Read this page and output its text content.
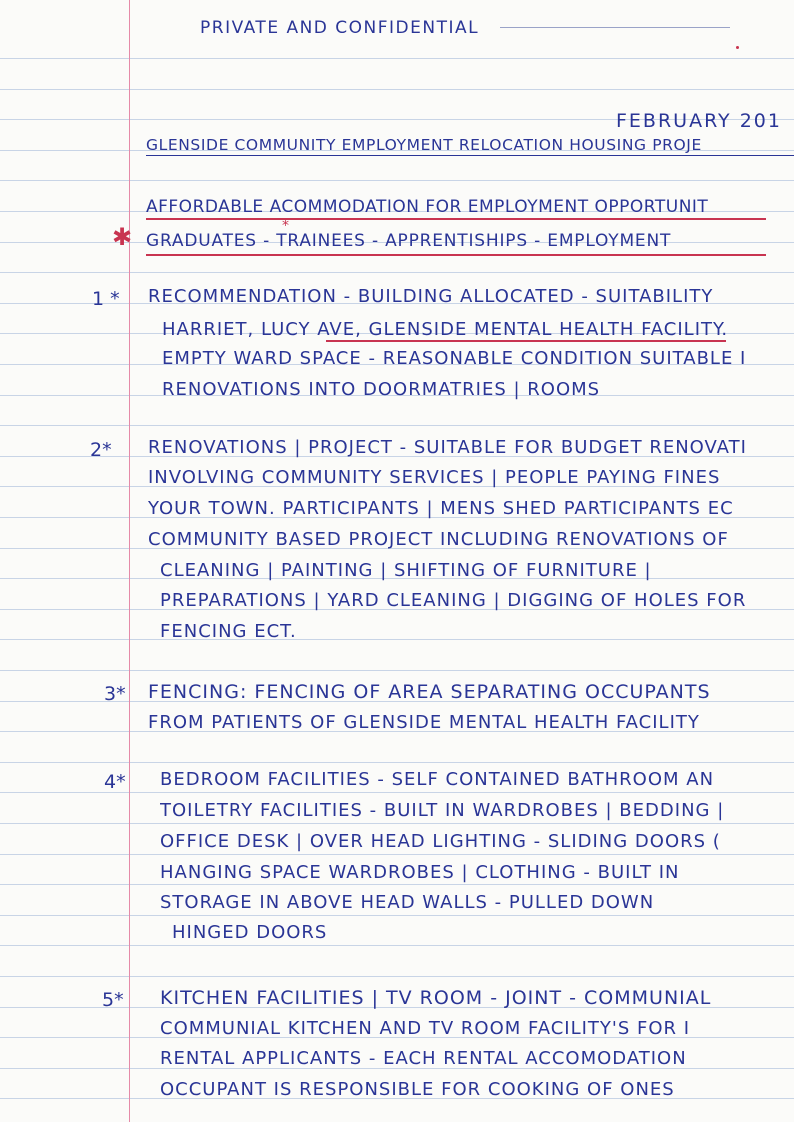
PRIVATE AND CONFIDENTIAL
FEBRUARY 201
GLENSIDE COMMUNITY EMPLOYMENT RELOCATION HOUSING PROJE
AFFORDABLE ACOMMODATION FOR EMPLOYMENT OPPORTUNIT
✱	*
GRADUATES - TRAINEES - APPRENTISHIPS - EMPLOYMENT
1 *	RECOMMENDATION - BUILDING ALLOCATED - SUITABILITY
HARRIET, LUCY AVE, GLENSIDE MENTAL HEALTH FACILITY.
EMPTY WARD SPACE - REASONABLE CONDITION SUITABLE I
RENOVATIONS INTO DOORMATRIES | ROOMS
2*	RENOVATIONS | PROJECT - SUITABLE FOR BUDGET RENOVATI
INVOLVING COMMUNITY SERVICES | PEOPLE PAYING FINES
YOUR TOWN. PARTICIPANTS | MENS SHED PARTICIPANTS EC
COMMUNITY BASED PROJECT INCLUDING RENOVATIONS OF
CLEANING | PAINTING | SHIFTING OF FURNITURE |
PREPARATIONS | YARD CLEANING | DIGGING OF HOLES FOR
FENCING ECT.
3*	FENCING: FENCING OF AREA SEPARATING OCCUPANTS
FROM PATIENTS OF GLENSIDE MENTAL HEALTH FACILITY
4*	BEDROOM FACILITIES - SELF CONTAINED BATHROOM AN
TOILETRY FACILITIES - BUILT IN WARDROBES | BEDDING |
OFFICE DESK | OVER HEAD LIGHTING - SLIDING DOORS (
HANGING SPACE WARDROBES | CLOTHING - BUILT IN
STORAGE IN ABOVE HEAD WALLS - PULLED DOWN
HINGED DOORS
5*	KITCHEN FACILITIES | TV ROOM - JOINT - COMMUNIAL
COMMUNIAL KITCHEN AND TV ROOM FACILITY'S FOR I
RENTAL APPLICANTS - EACH RENTAL ACCOMODATION
OCCUPANT IS RESPONSIBLE FOR COOKING OF ONES
